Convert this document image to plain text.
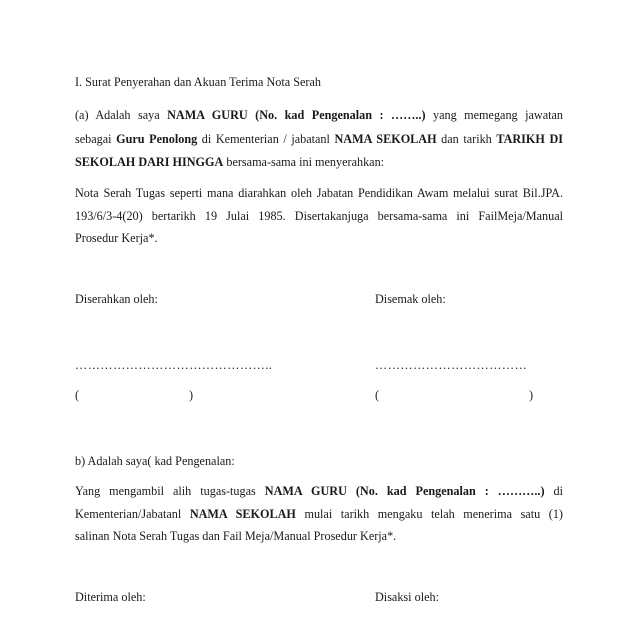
I. Surat Penyerahan dan Akuan Terima Nota Serah
(a) Adalah saya NAMA GURU (No. kad Pengenalan : ……..) yang memegang jawatan
sebagai Guru Penolong di Kementerian / jabatanl NAMA SEKOLAH dan tarikh TARIKH DI
SEKOLAH DARI HINGGA bersama-sama ini menyerahkan:
Nota Serah Tugas seperti mana diarahkan oleh Jabatan Pendidikan Awam melalui surat Bil.JPA.
193/6/3-4(20) bertarikh 19 Julai 1985. Disertakanjuga bersama-sama ini FailMeja/Manual
Prosedur Kerja*.
Diserahkan oleh:	Disemak oleh:
………………………………………..	………………………………
(	)	(	)
b) Adalah saya( kad Pengenalan:
Yang mengambil alih tugas-tugas NAMA GURU (No. kad Pengenalan : ………..) di
Kementerian/Jabatanl NAMA SEKOLAH mulai tarikh mengaku telah menerima satu (1)
salinan Nota Serah Tugas dan Fail Meja/Manual Prosedur Kerja*.
Diterima oleh:	Disaksi oleh:
